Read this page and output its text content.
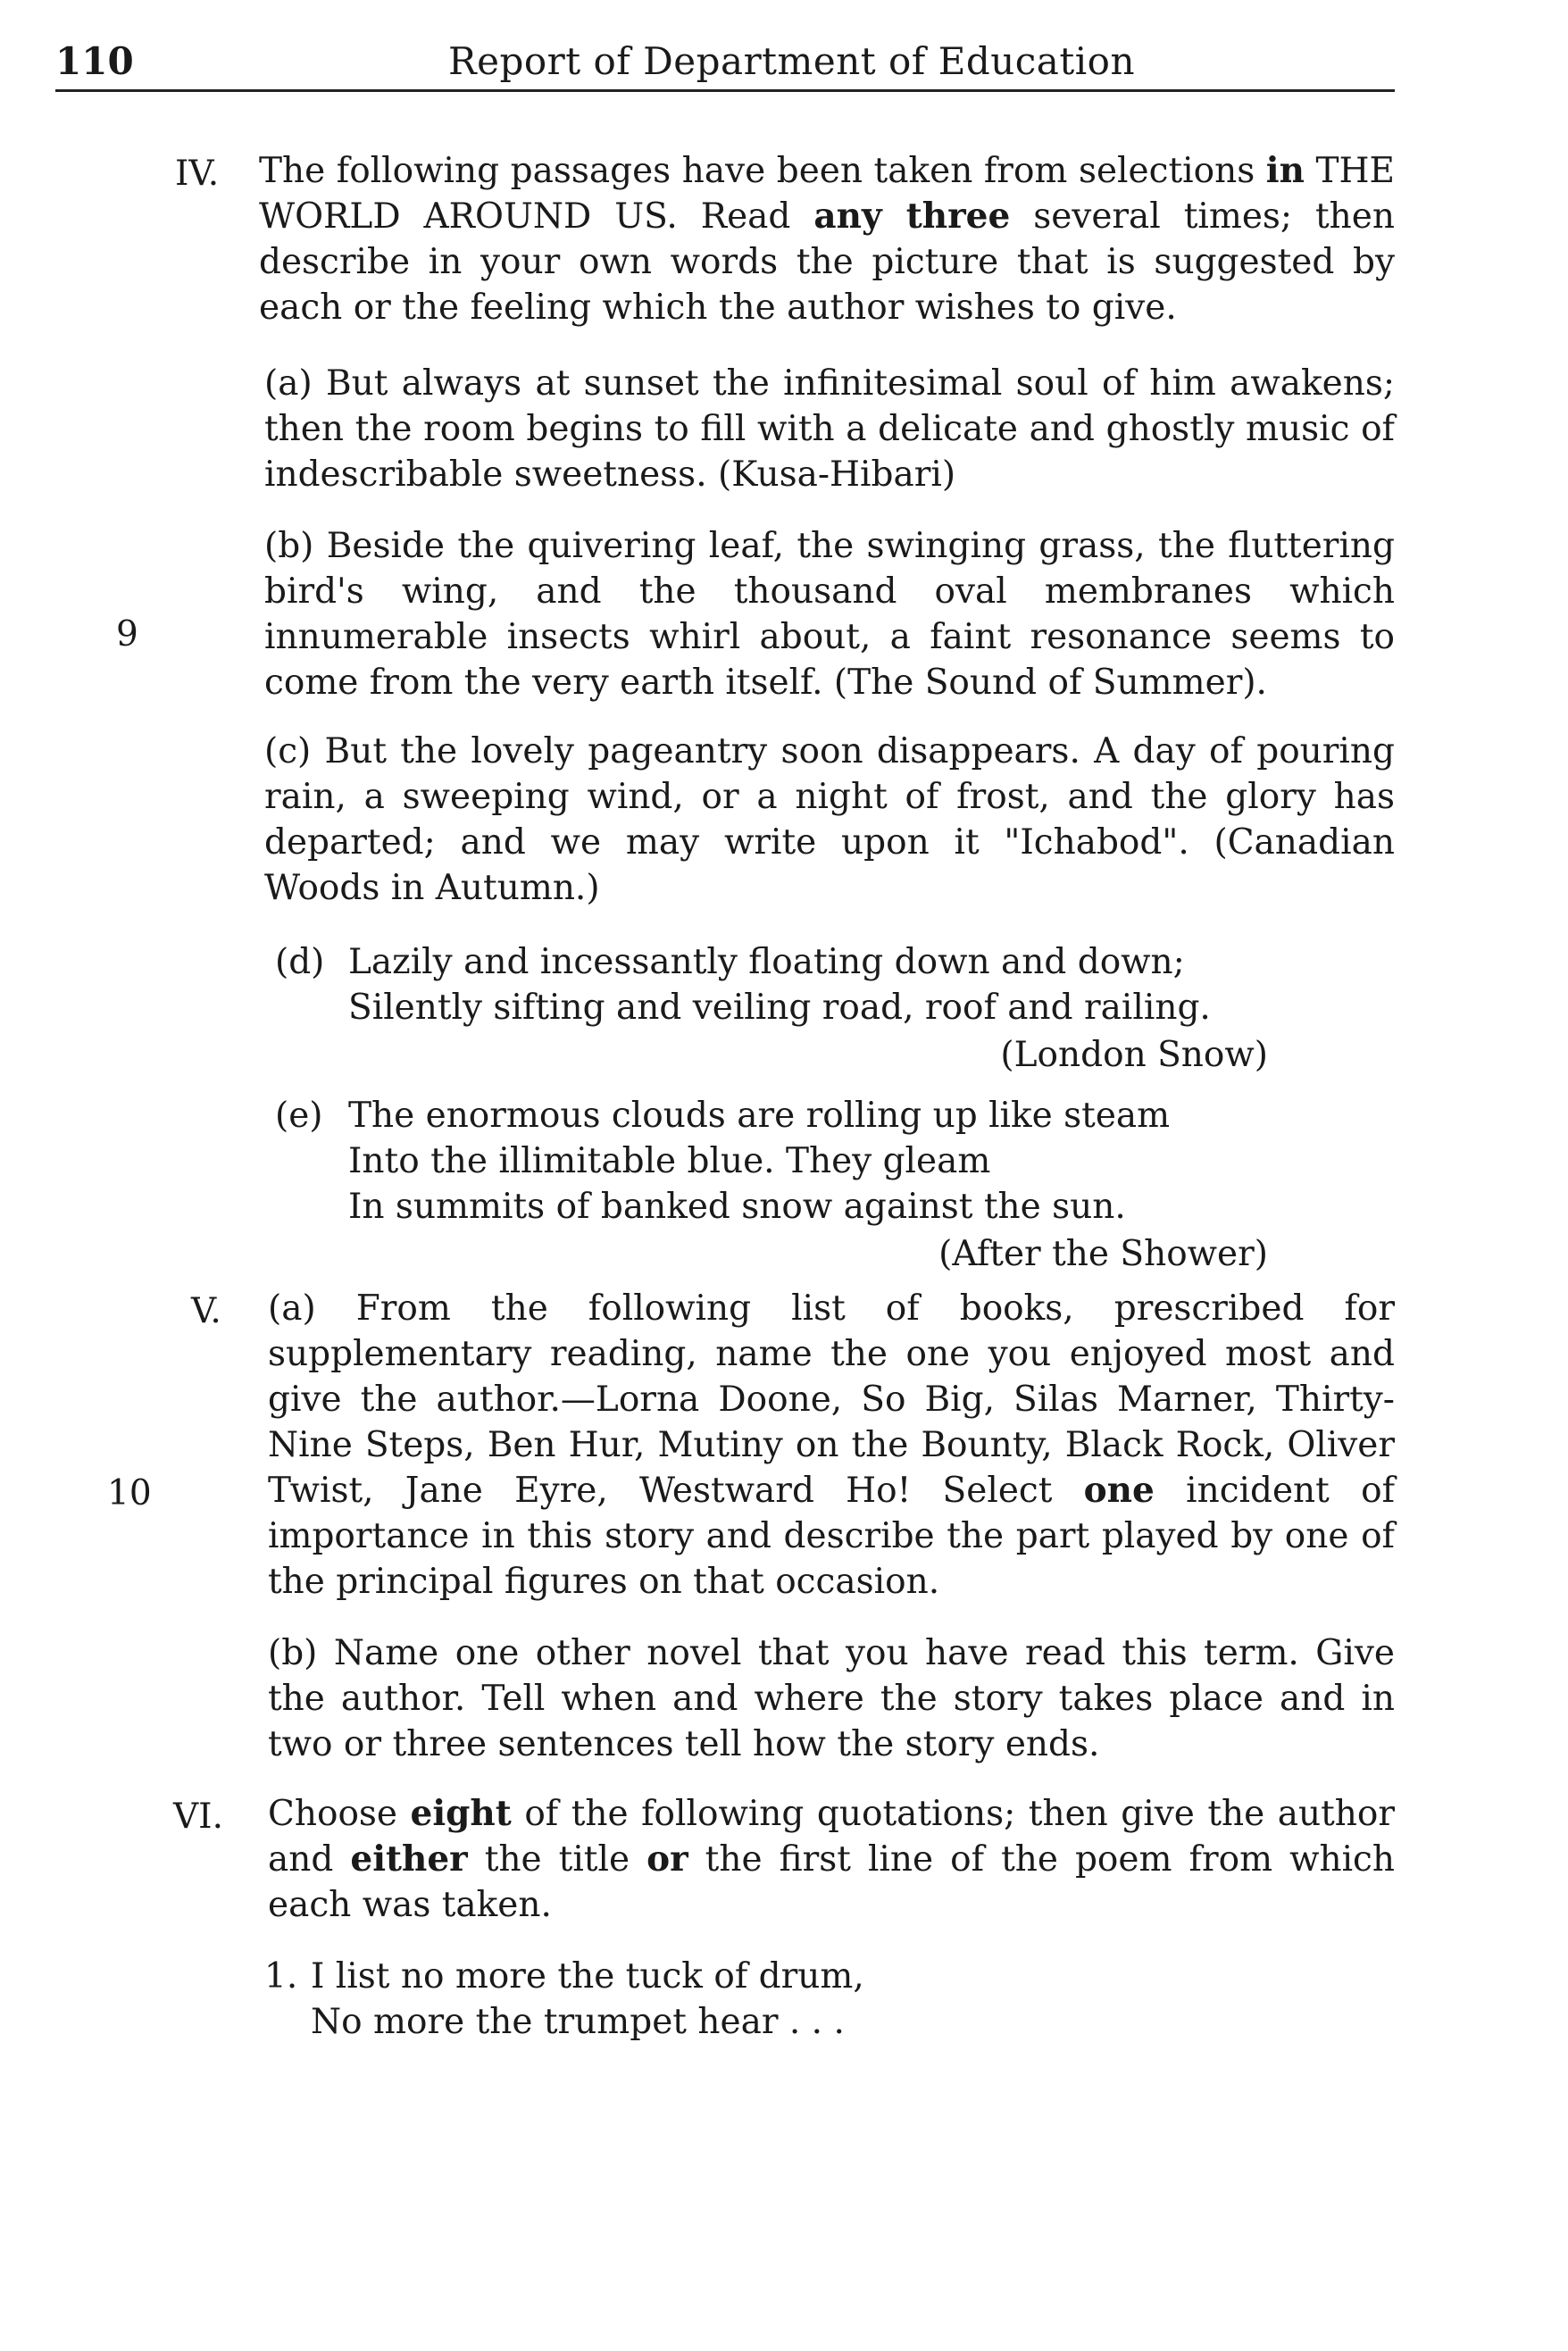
110	Report of Department of Education
IV.
9
The following passages have been taken from selections in THE WORLD AROUND US. Read any three several times; then describe in your own words the picture that is suggested by each or the feeling which the author wishes to give.
(a) But always at sunset the infinitesimal soul of him awakens; then the room begins to fill with a delicate and ghostly music of indescribable sweetness. (Kusa-Hibari)
(b) Beside the quivering leaf, the swinging grass, the fluttering bird's wing, and the thousand oval membranes which innumerable insects whirl about, a faint resonance seems to come from the very earth itself. (The Sound of Summer).
(c) But the lovely pageantry soon disappears. A day of pouring rain, a sweeping wind, or a night of frost, and the glory has departed; and we may write upon it "Ichabod". (Canadian Woods in Autumn.)
(d) Lazily and incessantly floating down and down;
Silently sifting and veiling road, roof and railing.
(London Snow)
(e) The enormous clouds are rolling up like steam
Into the illimitable blue. They gleam
In summits of banked snow against the sun.
(After the Shower)
V.
10
(a) From the following list of books, prescribed for supplementary reading, name the one you enjoyed most and give the author.—Lorna Doone, So Big, Silas Marner, Thirty-Nine Steps, Ben Hur, Mutiny on the Bounty, Black Rock, Oliver Twist, Jane Eyre, Westward Ho! Select one incident of importance in this story and describe the part played by one of the principal figures on that occasion.
(b) Name one other novel that you have read this term. Give the author. Tell when and where the story takes place and in two or three sentences tell how the story ends.
VI. Choose eight of the following quotations; then give the author and either the title or the first line of the poem from which each was taken.
1. I list no more the tuck of drum,
No more the trumpet hear . . .
